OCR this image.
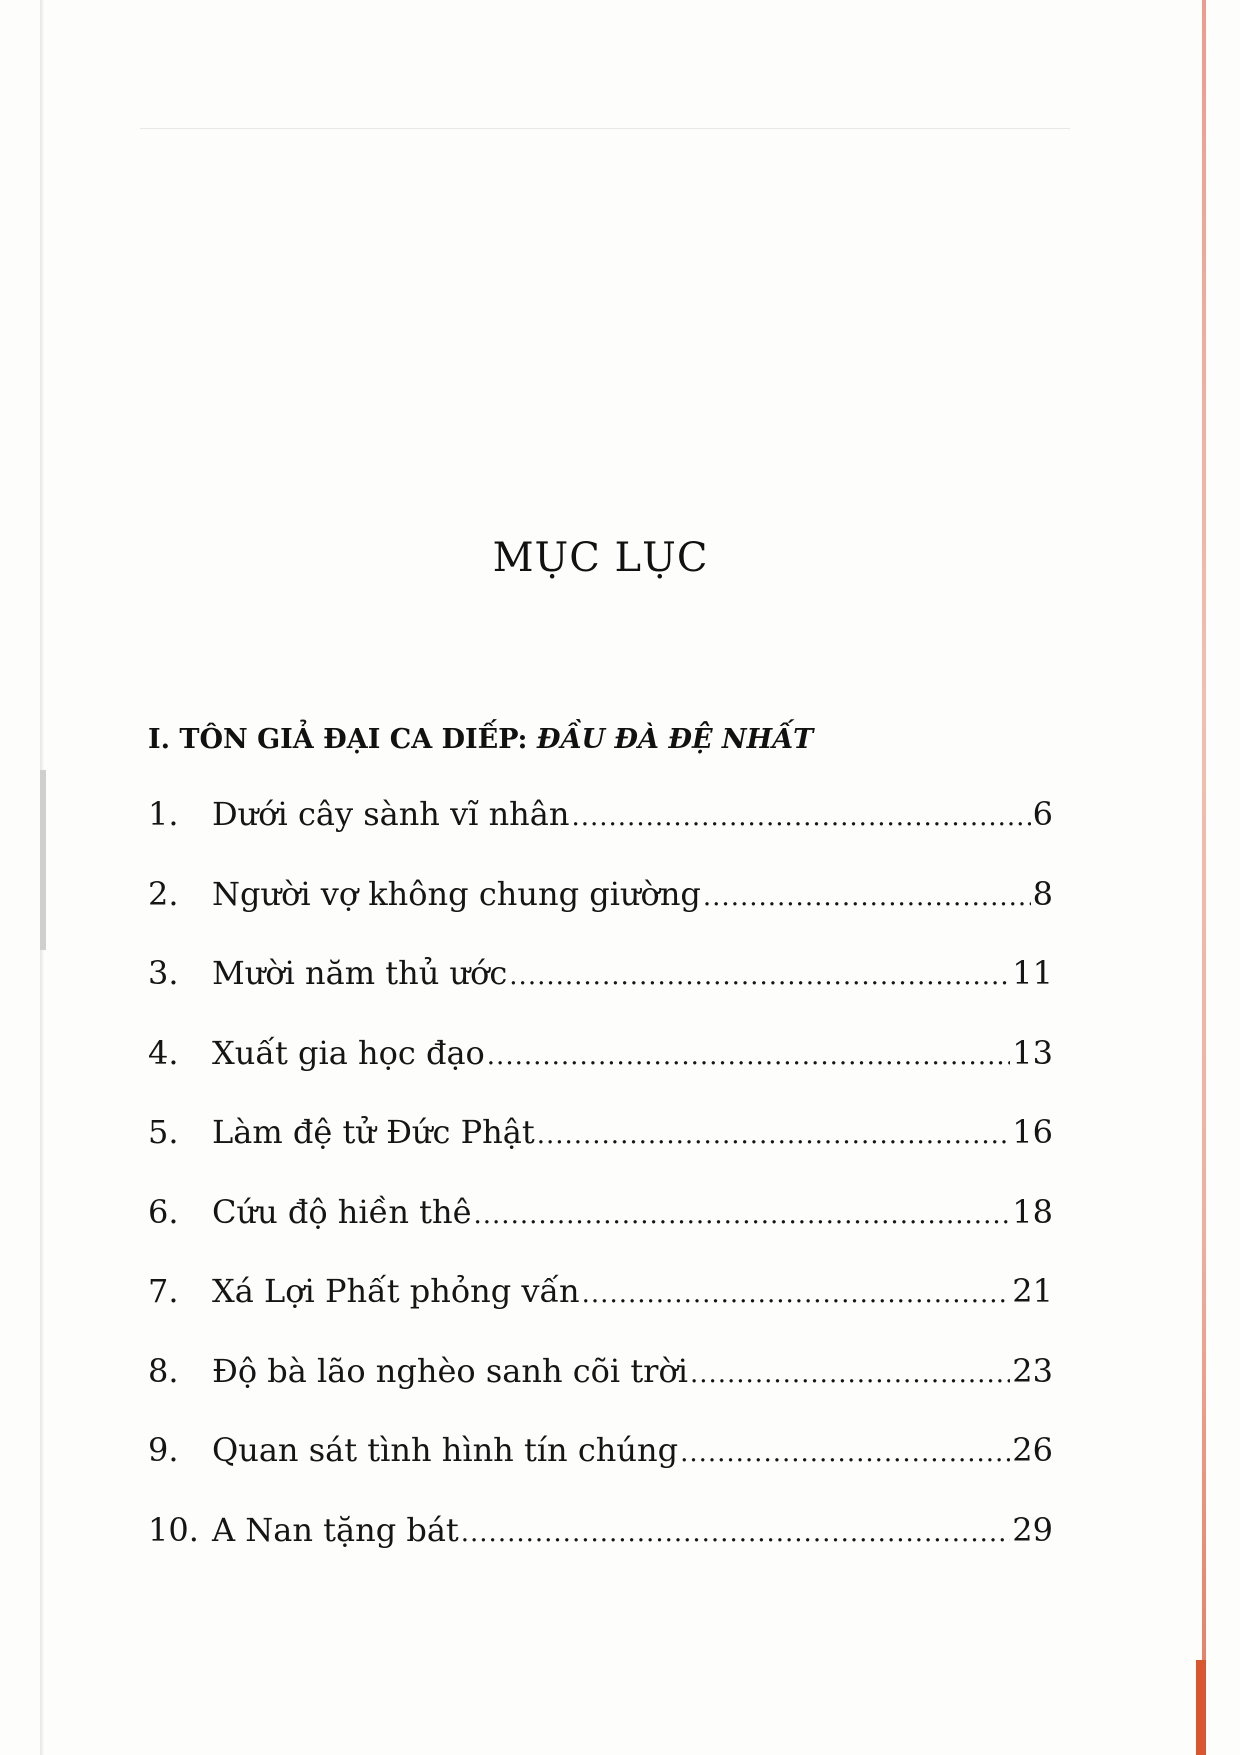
MỤC LỤC
I. TÔN GIẢ ĐẠI CA DIẾP: ĐẦU ĐÀ ĐỆ NHẤT
1.	Dưới cây sành vĩ nhân .....	6
2.	Người vợ không chung giường .....	8
3.	Mười năm thủ ước .....	11
4.	Xuất gia học đạo .....	13
5.	Làm đệ tử Đức Phật .....	16
6.	Cứu độ hiền thê .....	18
7.	Xá Lợi Phất phỏng vấn .....	21
8.	Độ bà lão nghèo sanh cõi trời .....	23
9.	Quan sát tình hình tín chúng .....	26
10. A Nan tặng bát .....	29
